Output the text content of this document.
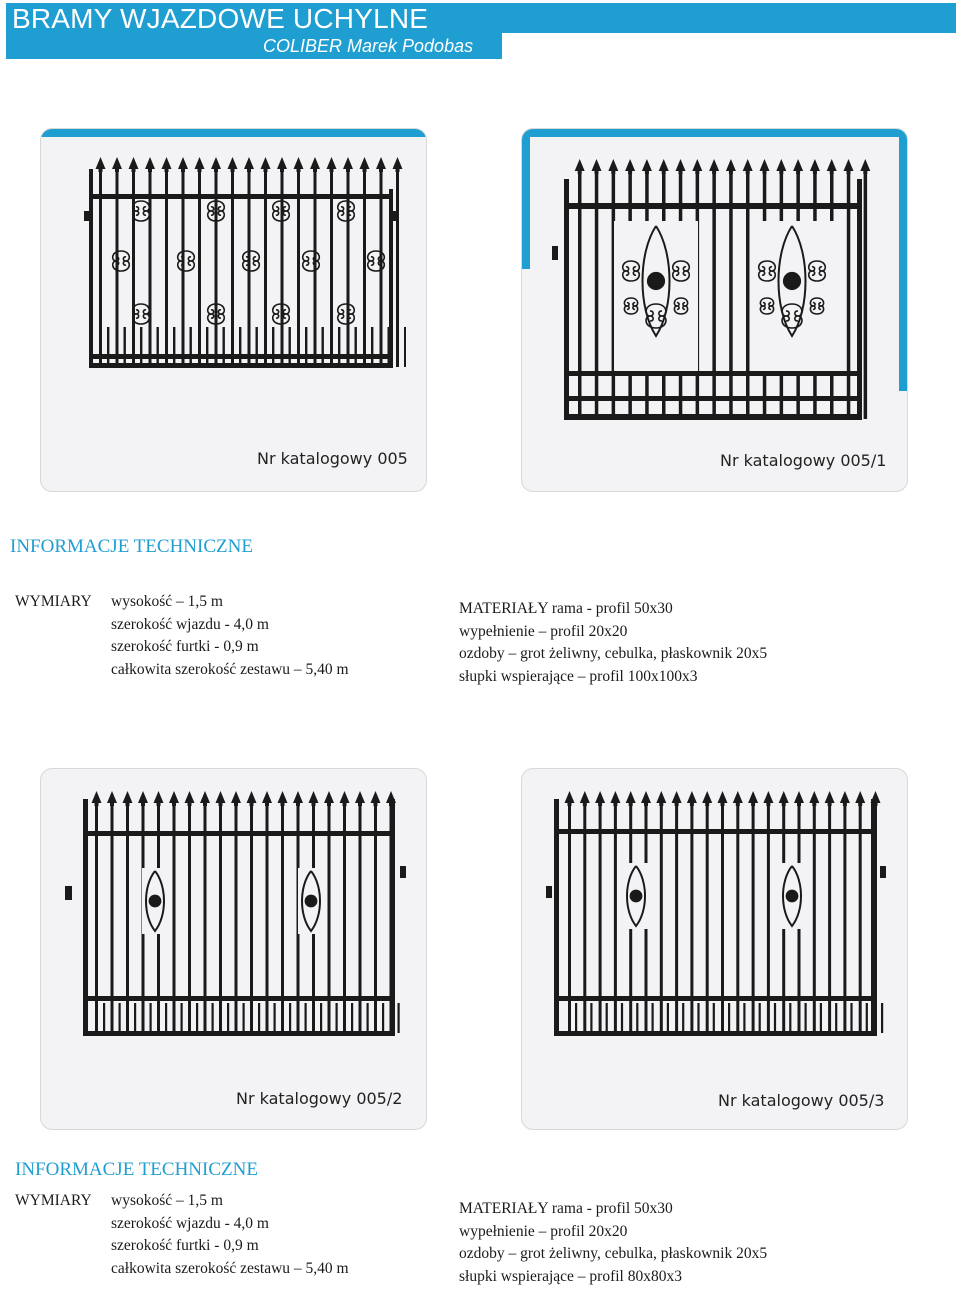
BRAMY WJAZDOWE UCHYLNE
COLIBER Marek Podobas
Nr katalogowy 005	Nr katalogowy 005/1
INFORMACJE TECHNICZNE
WYMIARY wysokość – 1,5 m
szerokość wjazdu - 4,0 m
szerokość furtki - 0,9 m
całkowita szerokość zestawu – 5,40 m
MATERIAŁY rama - profil 50x30
wypełnienie – profil 20x20
ozdoby – grot żeliwny, cebulka, płaskownik 20x5
słupki wspierające – profil 100x100x3
Nr katalogowy 005/2	Nr katalogowy 005/3
INFORMACJE TECHNICZNE
WYMIARY wysokość – 1,5 m
szerokość wjazdu - 4,0 m
szerokość furtki - 0,9 m
całkowita szerokość zestawu – 5,40 m
MATERIAŁY rama - profil 50x30
wypełnienie – profil 20x20
ozdoby – grot żeliwny, cebulka, płaskownik 20x5
słupki wspierające – profil 80x80x3
